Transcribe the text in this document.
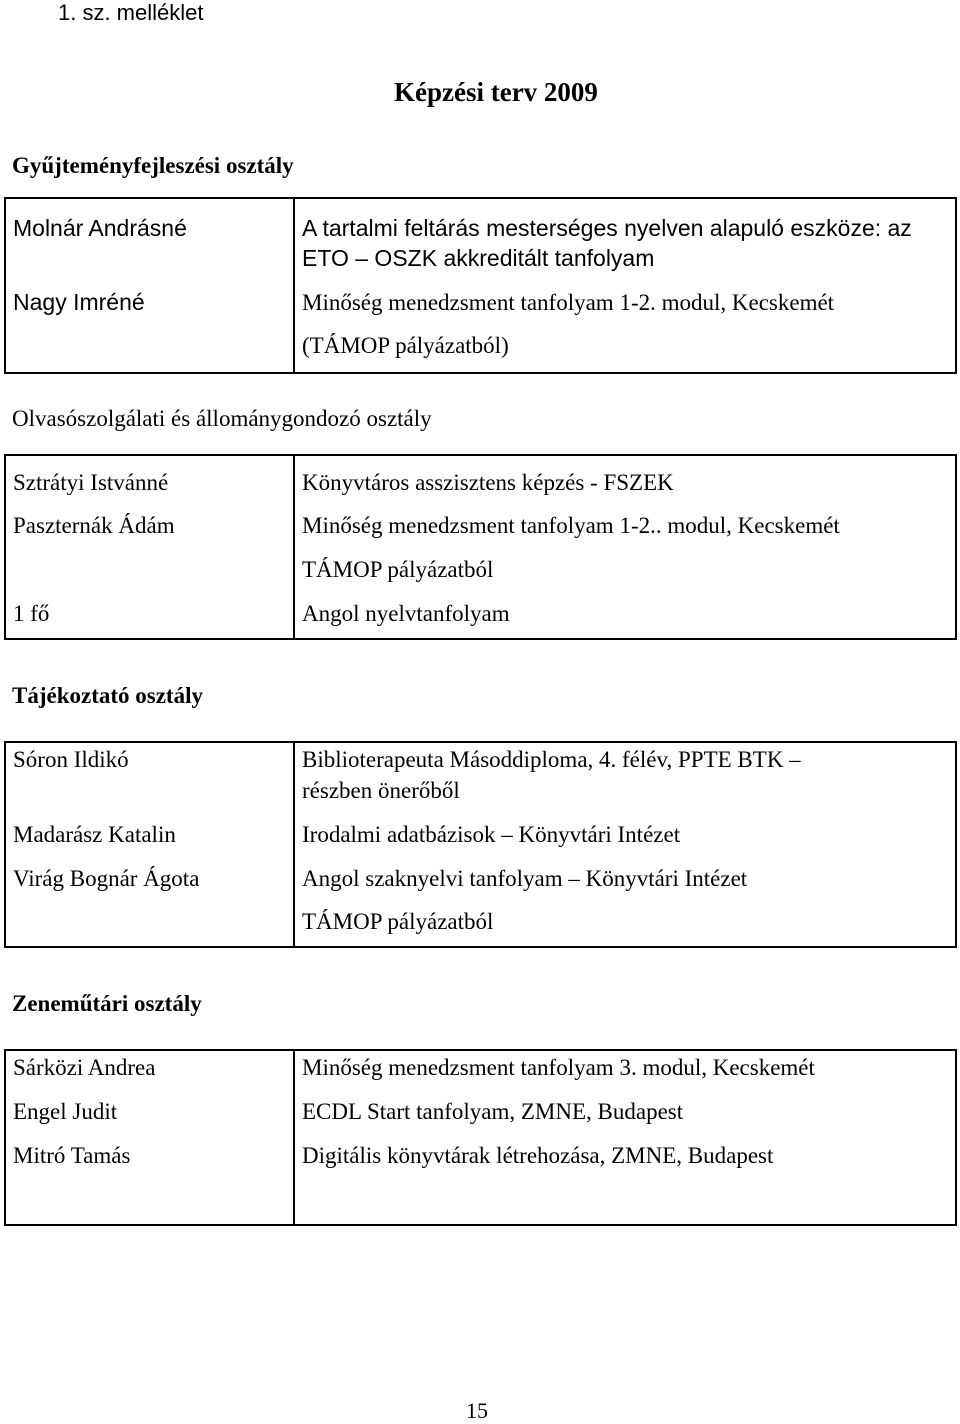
1. sz. melléklet
Képzési terv 2009
Gyűjteményfejleszési osztály
Molnár Andrásné	A tartalmi feltárás mesterséges nyelven alapuló eszköze: az
ETO – OSZK akkreditált tanfolyam
Nagy Imréné	Minőség menedzsment tanfolyam 1-2. modul, Kecskemét
(TÁMOP pályázatból)
Olvasószolgálati és állománygondozó osztály
Sztrátyi Istvánné	Könyvtáros asszisztens képzés - FSZEK
Paszternák Ádám	Minőség menedzsment tanfolyam 1-2.. modul, Kecskemét
TÁMOP pályázatból
1 fő	Angol nyelvtanfolyam
Tájékoztató osztály
Sóron Ildikó	Biblioterapeuta Másoddiploma, 4. félév, PPTE BTK –
részben önerőből
Madarász Katalin	Irodalmi adatbázisok – Könyvtári Intézet
Virág Bognár Ágota	Angol szaknyelvi tanfolyam – Könyvtári Intézet
TÁMOP pályázatból
Zeneműtári osztály
Sárközi Andrea	Minőség menedzsment tanfolyam 3. modul, Kecskemét
Engel Judit	ECDL Start tanfolyam, ZMNE, Budapest
Mitró Tamás	Digitális könyvtárak létrehozása, ZMNE, Budapest
15
